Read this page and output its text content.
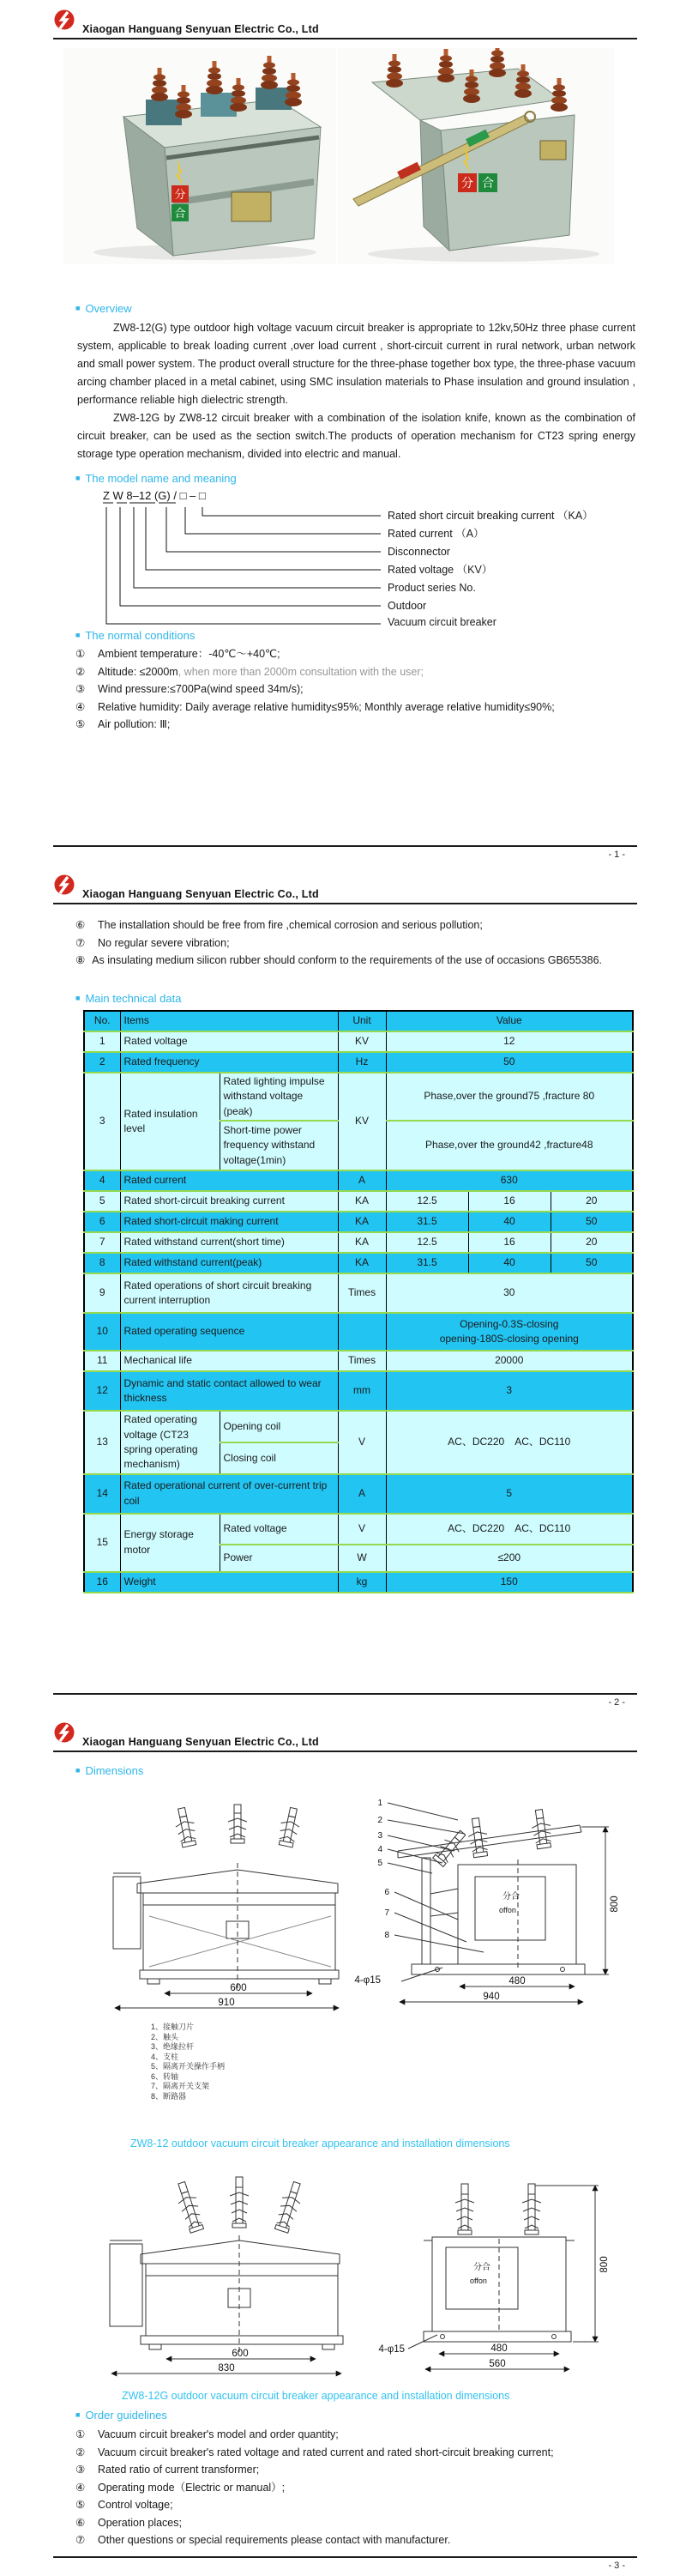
Xiaogan Hanguang Senyuan Electric Co., Ltd
分
合
分 合
■ Overview

ZW8-12(G) type outdoor high voltage vacuum circuit breaker is appropriate to 12kv,50Hz three phase current system, applicable to break loading current ,over load current , short-circuit current in rural network, urban network and small power system. The product overall structure for the three-phase together box type, the three-phase vacuum arcing chamber placed in a metal cabinet, using SMC insulation materials to Phase insulation and ground insulation , performance reliable high dielectric strength.

ZW8-12G by ZW8-12 circuit breaker with a combination of the isolation knife, known as the combination of circuit breaker, can be used as the section switch.The products of operation mechanism for CT23 spring energy storage type operation mechanism, divided into electric and manual.

■ The model name and meaning
Z W 8–12 (G) / □ – □
Rated short circuit breaking current （KA）
Rated current （A）
Disconnector
Rated voltage （KV）
Product series No.
Outdoor
Vacuum circuit breaker
■ The normal conditions
①	Ambient temperature：-40℃～+40℃;
②	Altitude: ≤2000m, when more than 2000m consultation with the user;
③	Wind pressure:≤700Pa(wind speed 34m/s);
④	Relative humidity: Daily average relative humidity≤95%; Monthly average relative humidity≤90%;
⑤	Air pollution: Ⅲ;
- 1 -
Xiaogan Hanguang Senyuan Electric Co., Ltd
⑥	The installation should be free from fire ,chemical corrosion and serious pollution;
⑦	No regular severe vibration;
⑧ As insulating medium silicon rubber should conform to the requirements of the use of occasions GB655386.
■ Main technical data
No.	Items		Unit	Value		
1	Rated voltage		KV	12		
2	Rated frequency		Hz	50		
3	Rated insulation level	Rated lighting impulse withstand voltage (peak)	KV	Phase,over the ground75 ,fracture 80		
		Short-time power frequency withstand voltage(1min)		Phase,over the ground42 ,fracture48		
4	Rated current		A	630		
5	Rated short-circuit breaking current		KA	12.5	16	20
6	Rated short-circuit making current		KA	31.5	40	50
7	Rated withstand current(short time)		KA	12.5	16	20
8	Rated withstand current(peak)		KA	31.5	40	50
9	Rated operations of short circuit breaking current interruption		Times	30		
10	Rated operating sequence			Opening-0.3S-closing
opening-180S-closing opening		

11	Mechanical life		Times	20000		
12	Dynamic and static contact allowed to wear thickness		mm	3		
13	Rated operating voltage (CT23 spring operating mechanism)	Opening coil	V	AC、DC220　AC、DC110		
		Closing coil				
14	Rated operational current of over-current trip coil		A	5		
15	Energy storage motor	Rated voltage	V	AC、DC220　AC、DC110		
		Power	W	≤200		
16	Weight		kg	150		
- 2 -
Xiaogan Hanguang Senyuan Electric Co., Ltd
■ Dimensions
600
910
480
940
4-φ15
800
分合
offon
1
2
3
4
5
6
7
8
1、接触刀片
2、触头
3、绝缘拉杆
4、支柱
5、隔离开关操作手柄
6、转轴
7、隔离开关支架
8、断路器
ZW8-12 outdoor vacuum circuit breaker appearance and installation dimensions
600
830
480
560
4-φ15
800
分合
offon
ZW8-12G outdoor vacuum circuit breaker appearance and installation dimensions
■ Order guidelines
①	Vacuum circuit breaker's model and order quantity;
②	Vacuum circuit breaker's rated voltage and rated current and rated short-circuit breaking current;
③	Rated ratio of current transformer;
④	Operating mode（Electric or manual）;
⑤	Control voltage;
⑥	Operation places;
⑦	Other questions or special requirements please contact with manufacturer.
- 3 -
